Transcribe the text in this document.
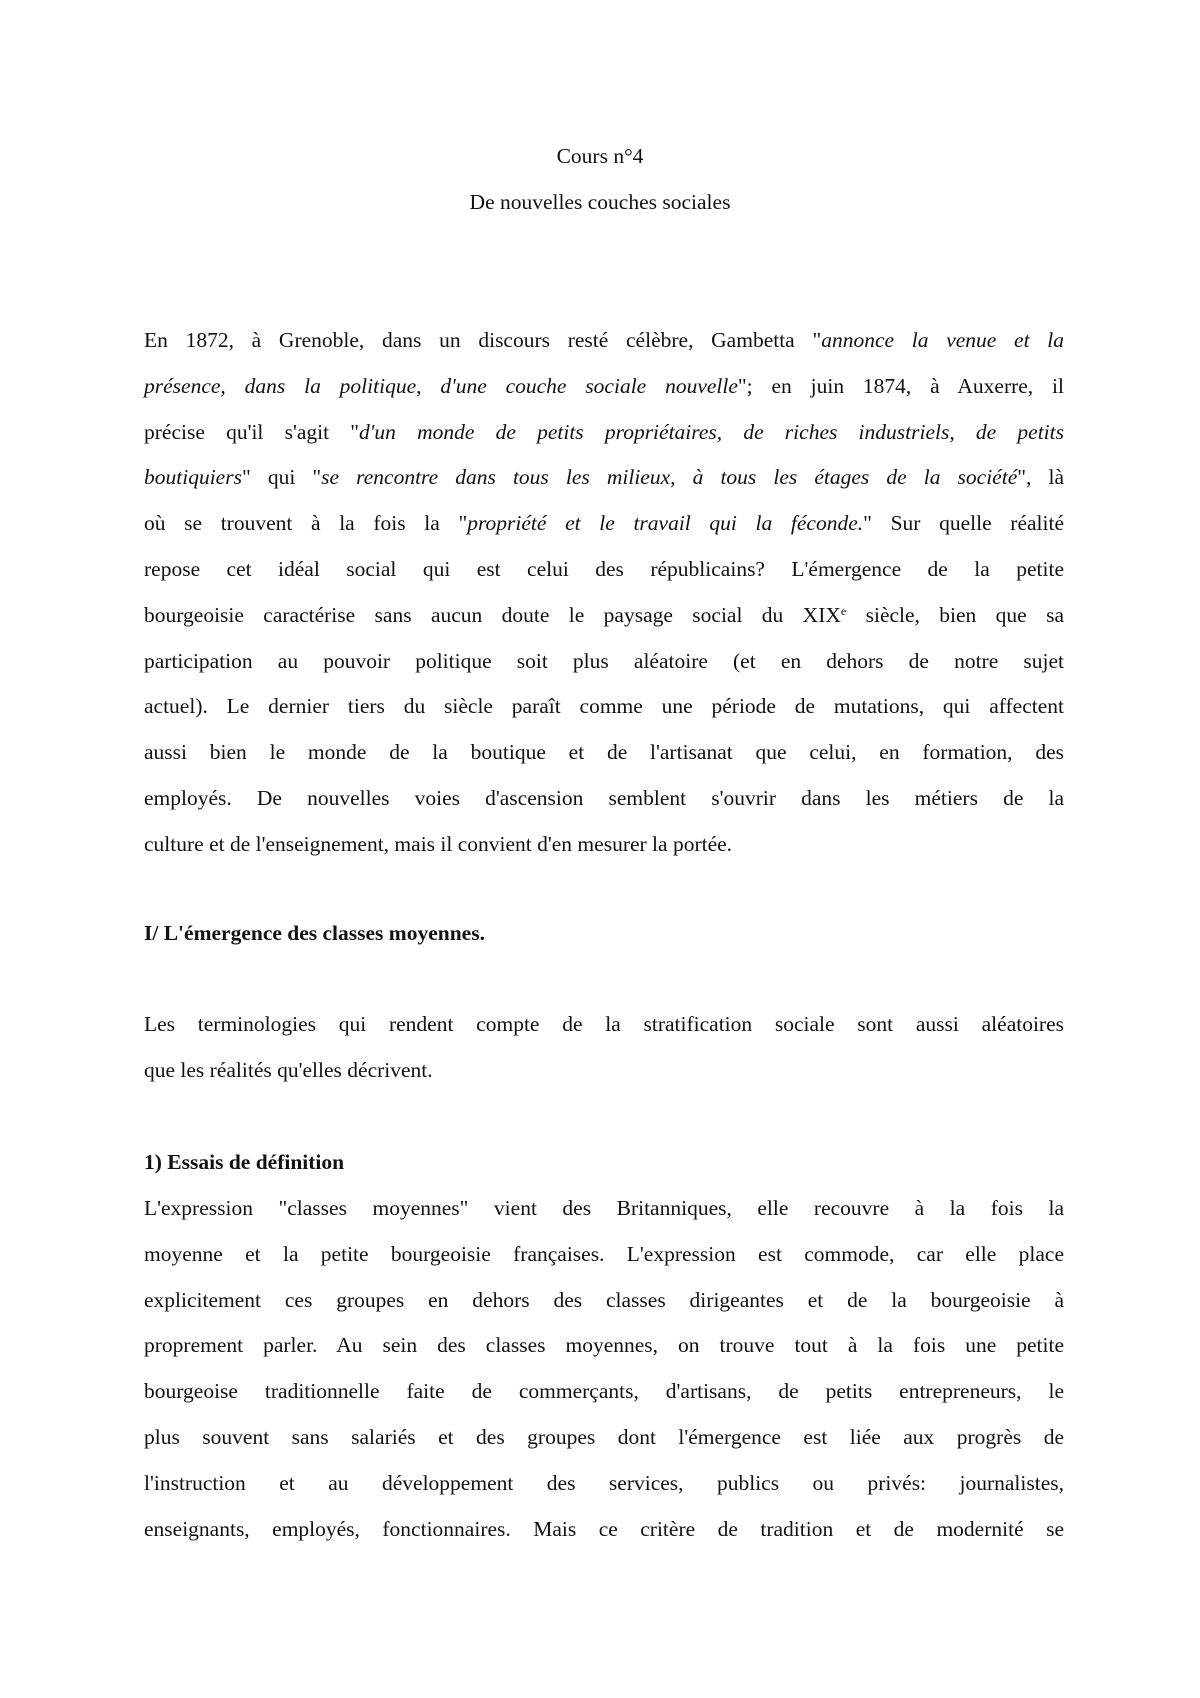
Cours n°4
De nouvelles couches sociales
En 1872, à Grenoble, dans un discours resté célèbre, Gambetta "annonce la venue et la
présence, dans la politique, d'une couche sociale nouvelle"; en juin 1874, à Auxerre, il
précise qu'il s'agit "d'un monde de petits propriétaires, de riches industriels, de petits
boutiquiers" qui "se rencontre dans tous les milieux, à tous les étages de la société", là
où se trouvent à la fois la "propriété et le travail qui la féconde." Sur quelle réalité
repose cet idéal social qui est celui des républicains? L'émergence de la petite
bourgeoisie caractérise sans aucun doute le paysage social du XIXe siècle, bien que sa
participation au pouvoir politique soit plus aléatoire (et en dehors de notre sujet
actuel). Le dernier tiers du siècle paraît comme une période de mutations, qui affectent
aussi bien le monde de la boutique et de l'artisanat que celui, en formation, des
employés. De nouvelles voies d'ascension semblent s'ouvrir dans les métiers de la
culture et de l'enseignement, mais il convient d'en mesurer la portée.
I/ L'émergence des classes moyennes.
Les terminologies qui rendent compte de la stratification sociale sont aussi aléatoires
que les réalités qu'elles décrivent.
1) Essais de définition
L'expression "classes moyennes" vient des Britanniques, elle recouvre à la fois la
moyenne et la petite bourgeoisie françaises. L'expression est commode, car elle place
explicitement ces groupes en dehors des classes dirigeantes et de la bourgeoisie à
proprement parler. Au sein des classes moyennes, on trouve tout à la fois une petite
bourgeoise traditionnelle faite de commerçants, d'artisans, de petits entrepreneurs, le
plus souvent sans salariés et des groupes dont l'émergence est liée aux progrès de
l'instruction et au développement des services, publics ou privés: journalistes,
enseignants, employés, fonctionnaires. Mais ce critère de tradition et de modernité se
